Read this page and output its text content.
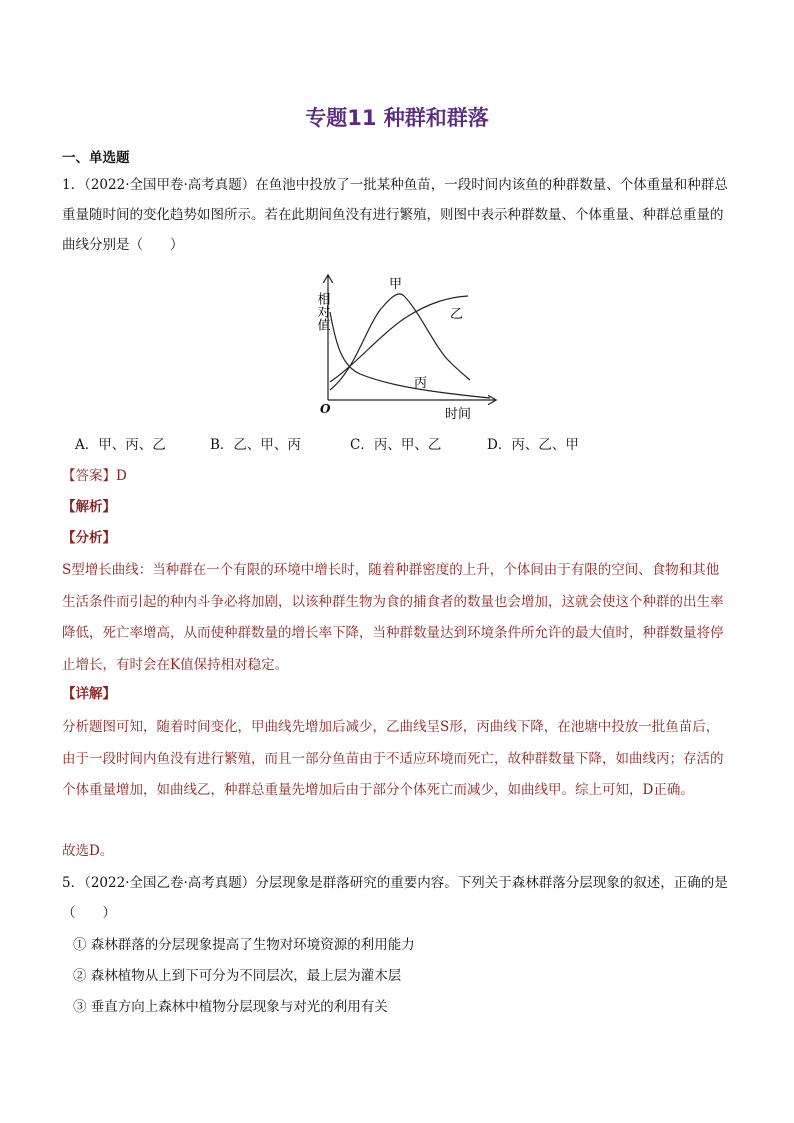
专题11 种群和群落
一、单选题
1．（2022·全国甲卷·高考真题）在鱼池中投放了一批某种鱼苗，一段时间内该鱼的种群数量、个体重量和种群总重量随时间的变化趋势如图所示。若在此期间鱼没有进行繁殖，则图中表示种群数量、个体重量、种群总重量的曲线分别是（　　）
相对值
时间
O
甲
乙
丙
A．甲、丙、乙	B．乙、甲、丙	C．丙、甲、乙	D．丙、乙、甲
【答案】D
【解析】
【分析】
S型增长曲线：当种群在一个有限的环境中增长时，随着种群密度的上升，个体间由于有限的空间、食物和其他生活条件而引起的种内斗争必将加剧，以该种群生物为食的捕食者的数量也会增加，这就会使这个种群的出生率降低，死亡率增高，从而使种群数量的增长率下降，当种群数量达到环境条件所允许的最大值时，种群数量将停止增长，有时会在K值保持相对稳定。
【详解】
分析题图可知，随着时间变化，甲曲线先增加后减少，乙曲线呈S形，丙曲线下降，在池塘中投放一批鱼苗后，由于一段时间内鱼没有进行繁殖，而且一部分鱼苗由于不适应环境而死亡，故种群数量下降，如曲线丙；存活的个体重量增加，如曲线乙，种群总重量先增加后由于部分个体死亡而减少，如曲线甲。综上可知，D正确。
故选D。
5．（2022·全国乙卷·高考真题）分层现象是群落研究的重要内容。下列关于森林群落分层现象的叙述，正确的是（　　）
① 森林群落的分层现象提高了生物对环境资源的利用能力
② 森林植物从上到下可分为不同层次，最上层为灌木层
③ 垂直方向上森林中植物分层现象与对光的利用有关
